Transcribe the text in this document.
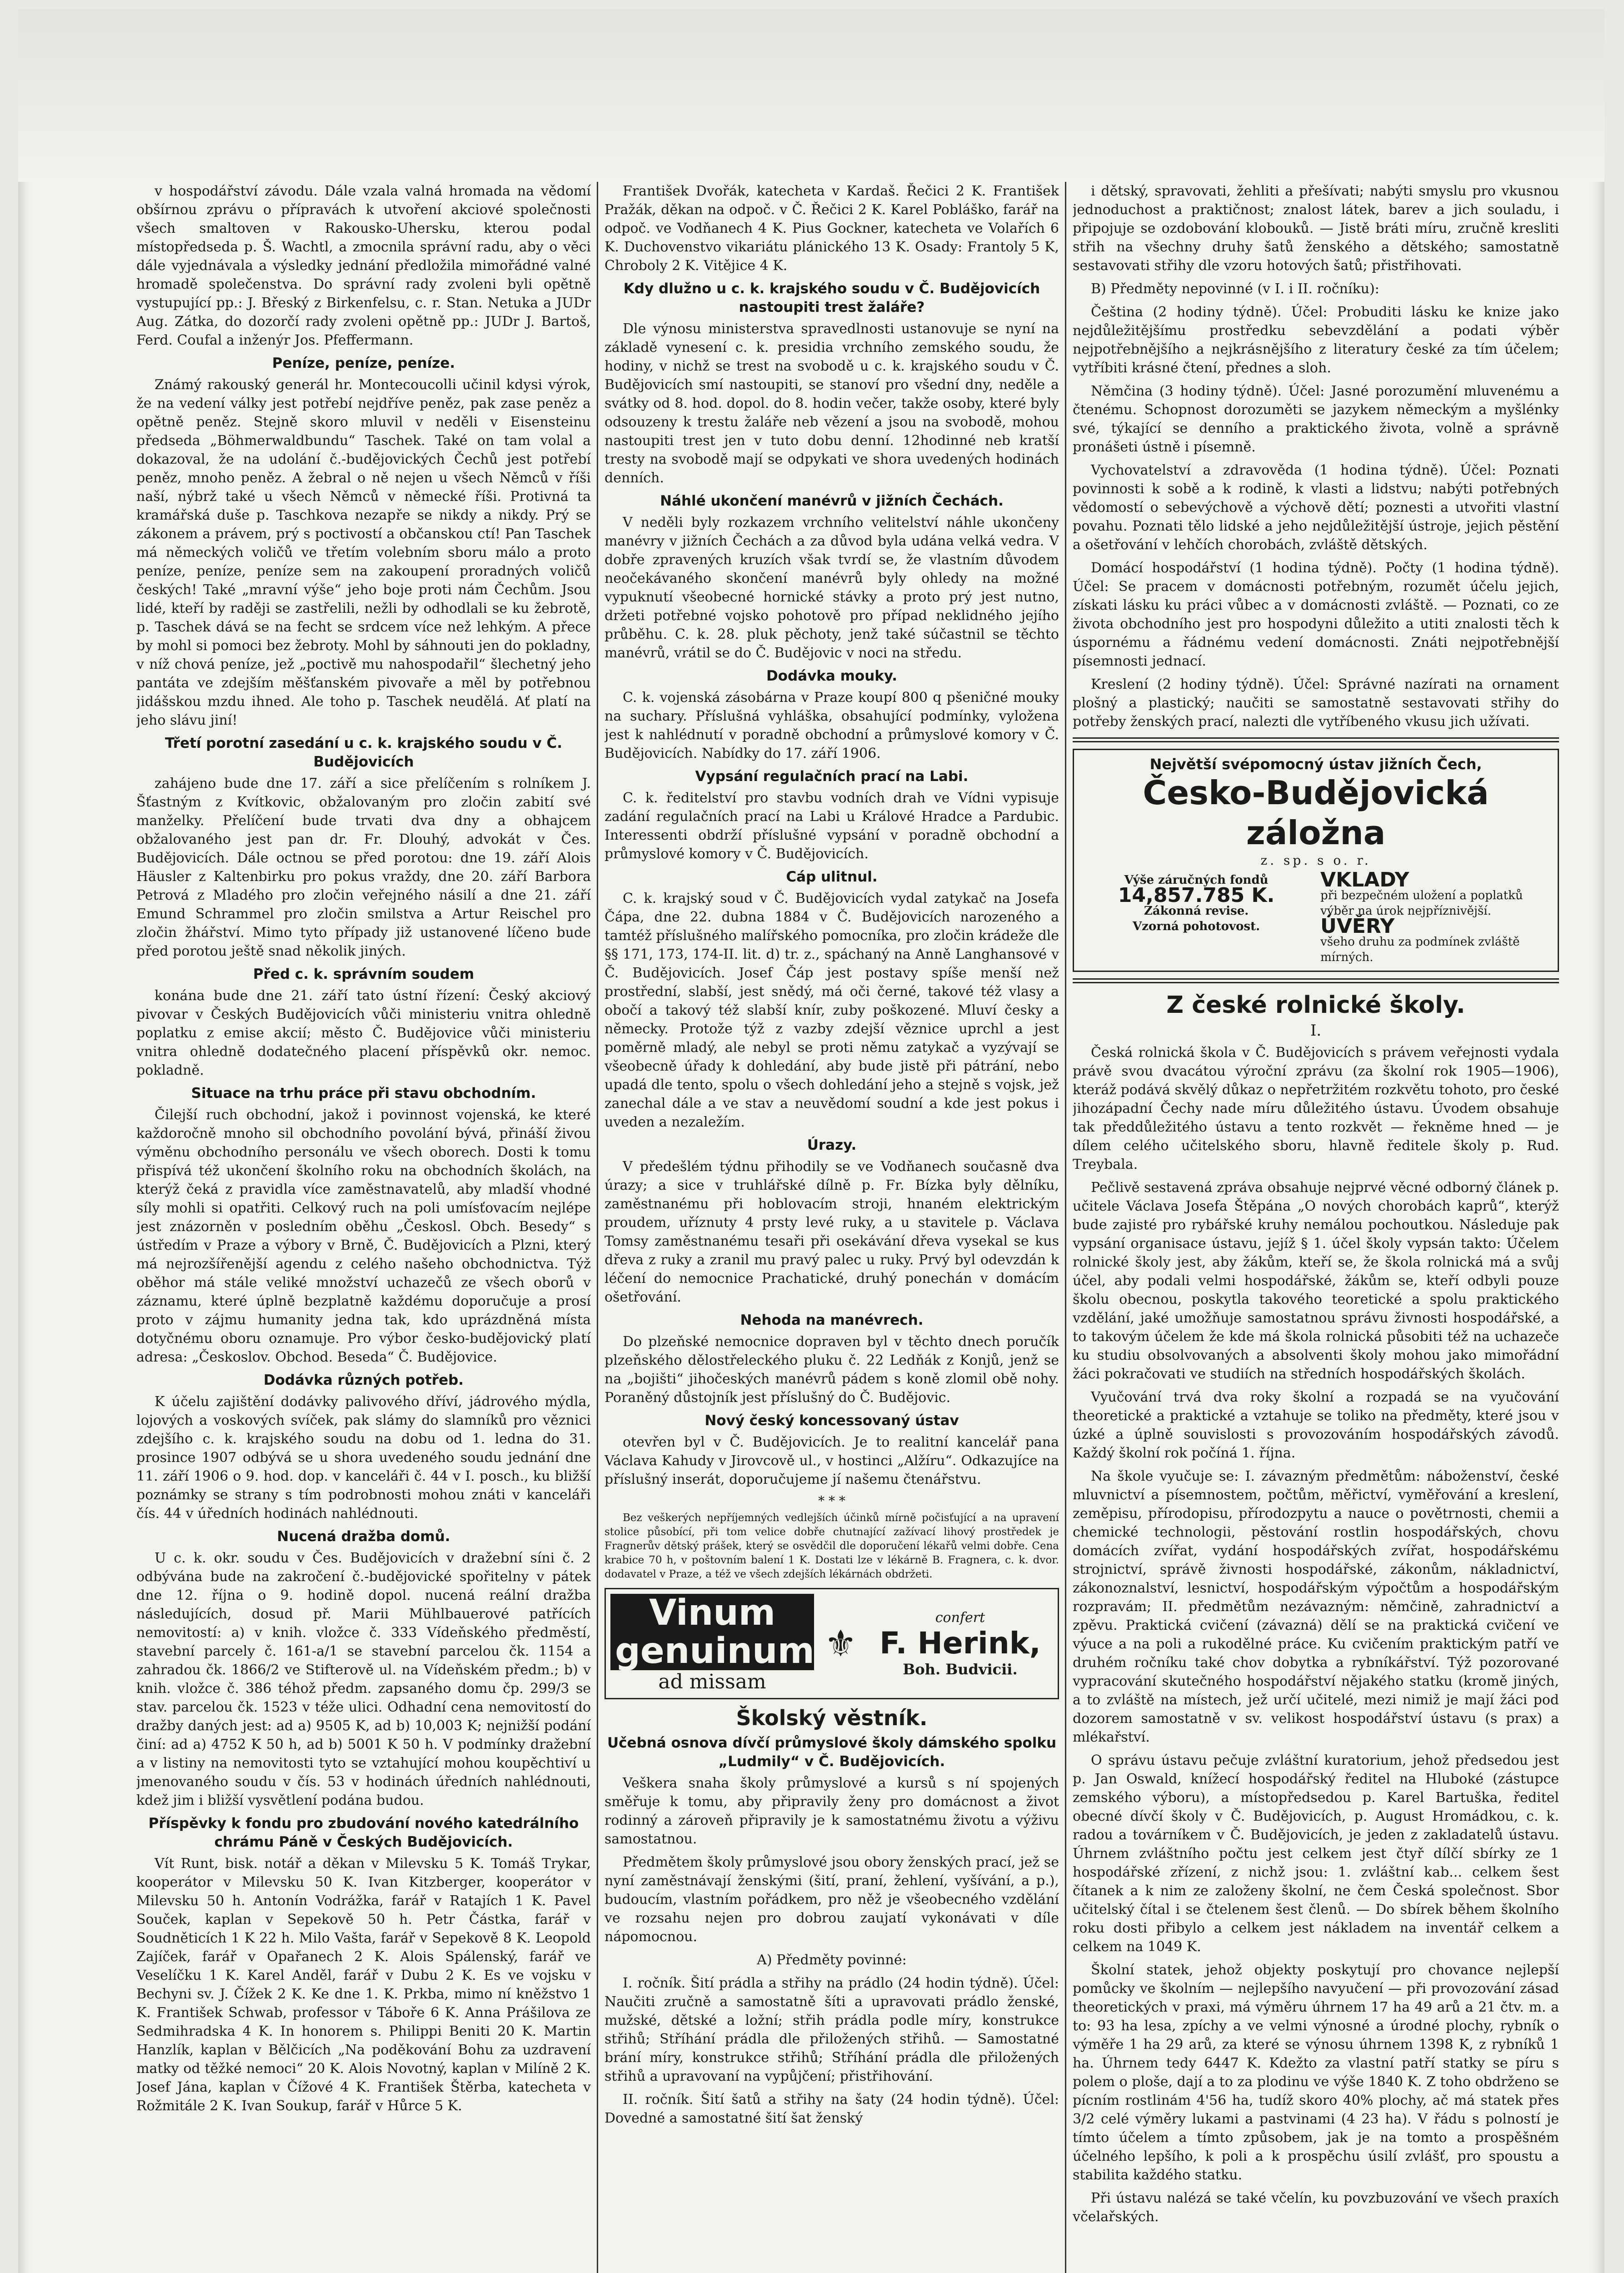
v hospodářství závodu. Dále vzala valná hromada na vědomí obšírnou zprávu o přípravách k utvoření akciové společnosti všech smaltoven v Rakousko-Uhersku, kterou podal místopředseda p. Š. Wachtl, a zmocnila správní radu, aby o věci dále vyjednávala a výsledky jednání předložila mimořádné valné hromadě společenstva. Do správní rady zvoleni byli opětně vystupující pp.: J. Břeský z Birkenfelsu, c. r. Stan. Netuka a JUDr Aug. Zátka, do dozorčí rady zvoleni opětně pp.: JUDr J. Bartoš, Ferd. Coufal a inženýr Jos. Pfeffermann.

Peníze, peníze, peníze.

Známý rakouský generál hr. Montecoucolli učinil kdysi výrok, že na vedení války jest potřebí nejdříve peněz, pak zase peněz a opětně peněz. Stejně skoro mluvil v neděli v Eisensteinu předseda „Böhmerwaldbundu“ Taschek. Také on tam volal a dokazoval, že na udolání č.-budějovických Čechů jest potřebí peněz, mnoho peněz. A žebral o ně nejen u všech Němců v říši naší, nýbrž také u všech Němců v německé říši. Protivná ta kramářská duše p. Taschkova nezapře se nikdy a nikdy. Prý se zákonem a právem, prý s poctivostí a občanskou ctí! Pan Taschek má německých voličů ve třetím volebním sboru málo a proto peníze, peníze, peníze sem na zakoupení proradných voličů českých! Také „mravní výše“ jeho boje proti nám Čechům. Jsou lidé, kteří by raději se zastřelili, nežli by odhodlali se ku žebrotě, p. Taschek dává se na fecht se srdcem více než lehkým. A přece by mohl si pomoci bez žebroty. Mohl by sáhnouti jen do pokladny, v níž chová peníze, jež „poctivě mu nahospodařil“ šlechetný jeho pantáta ve zdejším měšťanském pivovaře a měl by potřebnou jidášskou mzdu ihned. Ale toho p. Taschek neudělá. Ať platí na jeho slávu jiní!

Třetí porotní zasedání u c. k. krajského soudu v Č. Budějovicích

zahájeno bude dne 17. září a sice přelíčením s rolníkem J. Šťastným z Kvítkovic, obžalovaným pro zločin zabití své manželky. Přelíčení bude trvati dva dny a obhajcem obžalovaného jest pan dr. Fr. Dlouhý, advokát v Čes. Budějovicích. Dále octnou se před porotou: dne 19. září Alois Häusler z Kaltenbirku pro pokus vraždy, dne 20. září Barbora Petrová z Mladého pro zločin veřejného násilí a dne 21. září Emund Schrammel pro zločin smilstva a Artur Reischel pro zločin žhářství. Mimo tyto případy již ustanovené líčeno bude před porotou ještě snad několik jiných.

Před c. k. správním soudem

konána bude dne 21. září tato ústní řízení: Český akciový pivovar v Českých Budějovicích vůči ministeriu vnitra ohledně poplatku z emise akcií; město Č. Budějovice vůči ministeriu vnitra ohledně dodatečného placení příspěvků okr. nemoc. pokladně.

Situace na trhu práce při stavu obchodním.

Čilejší ruch obchodní, jakož i povinnost vojenská, ke které každoročně mnoho sil obchodního povolání bývá, přináší živou výměnu obchodního personálu ve všech oborech. Dosti k tomu přispívá též ukončení školního roku na obchodních školách, na kterýž čeká z pravidla více zaměstnavatelů, aby mladší vhodné síly mohli si opatřiti. Celkový ruch na poli umísťovacím nejlépe jest znázorněn v posledním oběhu „Českosl. Obch. Besedy“ s ústředím v Praze a výbory v Brně, Č. Budějovicích a Plzni, který má nejrozšířenější agendu z celého našeho obchodnictva. Týž oběhor má stále veliké množství uchazečů ze všech oborů v záznamu, které úplně bezplatně každému doporučuje a prosí proto v zájmu humanity jedna tak, kdo uprázdněná místa dotyčnému oboru oznamuje. Pro výbor česko-budějovický platí adresa: „Českoslov. Obchod. Beseda“ Č. Budějovice.

Dodávka různých potřeb.

K účelu zajištění dodávky palivového dříví, jádrového mýdla, lojových a voskových svíček, pak slámy do slamníků pro věznici zdejšího c. k. krajského soudu na dobu od 1. ledna do 31. prosince 1907 odbývá se u shora uvedeného soudu jednání dne 11. září 1906 o 9. hod. dop. v kanceláři č. 44 v I. posch., ku bližší poznámky se strany s tím podrobnosti mohou znáti v kanceláři čís. 44 v úředních hodinách nahlédnouti.

Nucená dražba domů.

U c. k. okr. soudu v Čes. Budějovicích v dražební síni č. 2 odbývána bude na zakročení č.-budějovické spořitelny v pátek dne 12. října o 9. hodině dopol. nucená reální dražba následujících, dosud př. Marii Mühlbauerové patřících nemovitostí: a) v knih. vložce č. 333 Vídeňského předměstí, stavební parcely č. 161-a/1 se stavební parcelou čk. 1154 a zahradou čk. 1866/2 ve Stifterově ul. na Vídeňském předm.; b) v knih. vložce č. 386 téhož předm. zapsaného domu čp. 299/3 se stav. parcelou čk. 1523 v téže ulici. Odhadní cena nemovitostí do dražby daných jest: ad a) 9505 K, ad b) 10,003 K; nejnižší podání činí: ad a) 4752 K 50 h, ad b) 5001 K 50 h. V podmínky dražební a v listiny na nemovitosti tyto se vztahující mohou koupěchtiví u jmenovaného soudu v čís. 53 v hodinách úředních nahlédnouti, kdež jim i bližší vysvětlení podána budou.

Příspěvky k fondu pro zbudování nového katedrálního chrámu Páně v Českých Budějovicích.

Vít Runt, bisk. notář a děkan v Milevsku 5 K. Tomáš Trykar, kooperátor v Milevsku 50 K. Ivan Kitzberger, kooperátor v Milevsku 50 h. Antonín Vodrážka, farář v Ratajích 1 K. Pavel Souček, kaplan v Sepekově 50 h. Petr Částka, farář v Soudněticích 1 K 22 h. Milo Vašta, farář v Sepekově 8 K. Leopold Zajíček, farář v Opařanech 2 K. Alois Spálenský, farář ve Veselíčku 1 K. Karel Anděl, farář v Dubu 2 K. Es ve vojsku v Bechyni sv. J. Čížek 2 K. Ke dne 1. K. Prkba, mimo ní kněžstvo 1 K. František Schwab, professor v Táboře 6 K. Anna Prášilova ze Sedmihradska 4 K. In honorem s. Philippi Beniti 20 K. Martin Hanzlík, kaplan v Bělčicích „Na poděkování Bohu za uzdravení matky od těžké nemoci“ 20 K. Alois Novotný, kaplan v Milíně 2 K. Josef Jána, kaplan v Čížové 4 K. František Štěrba, katecheta v Rožmitále 2 K. Ivan Soukup, farář v Hůrce 5 K.

František Dvořák, katecheta v Kardaš. Řečici 2 K. František Pražák, děkan na odpoč. v Č. Řečici 2 K. Karel Pobláško, farář na odpoč. ve Vodňanech 4 K. Pius Gockner, katecheta ve Volařích 6 K. Duchovenstvo vikariátu plánického 13 K. Osady: Frantoly 5 K, Chroboly 2 K. Vitějice 4 K.

Kdy dlužno u c. k. krajského soudu v Č. Budějovicích nastoupiti trest žaláře?

Dle výnosu ministerstva spravedlnosti ustanovuje se nyní na základě vynesení c. k. presidia vrchního zemského soudu, že hodiny, v nichž se trest na svobodě u c. k. krajského soudu v Č. Budějovicích smí nastoupiti, se stanoví pro všední dny, neděle a svátky od 8. hod. dopol. do 8. hodin večer, takže osoby, které byly odsouzeny k trestu žaláře neb vězení a jsou na svobodě, mohou nastoupiti trest jen v tuto dobu denní. 12hodinné neb kratší tresty na svobodě mají se odpykati ve shora uvedených hodinách denních.

Náhlé ukončení manévrů v jižních Čechách.

V neděli byly rozkazem vrchního velitelství náhle ukončeny manévry v jižních Čechách a za důvod byla udána velká vedra. V dobře zpravených kruzích však tvrdí se, že vlastním důvodem neočekávaného skončení manévrů byly ohledy na možné vypuknutí všeobecné hornické stávky a proto prý jest nutno, držeti potřebné vojsko pohotově pro případ neklidného jejího průběhu. C. k. 28. pluk pěchoty, jenž také súčastnil se těchto manévrů, vrátil se do Č. Budějovic v noci na středu.

Dodávka mouky.

C. k. vojenská zásobárna v Praze koupí 800 q pšeničné mouky na suchary. Příslušná vyhláška, obsahující podmínky, vyložena jest k nahlédnutí v poradně obchodní a průmyslové komory v Č. Budějovicích. Nabídky do 17. září 1906.

Vypsání regulačních prací na Labi.

C. k. ředitelství pro stavbu vodních drah ve Vídni vypisuje zadání regulačních prací na Labi u Králové Hradce a Pardubic. Interessenti obdrží příslušné vypsání v poradně obchodní a průmyslové komory v Č. Budějovicích.

Cáp ulitnul.

C. k. krajský soud v Č. Budějovicích vydal zatykač na Josefa Čápa, dne 22. dubna 1884 v Č. Budějovicích narozeného a tamtéž příslušného malířského pomocníka, pro zločin krádeže dle §§ 171, 173, 174-II. lit. d) tr. z., spáchaný na Anně Langhansové v Č. Budějovicích. Josef Čáp jest postavy spíše menší než prostřední, slabší, jest snědý, má oči černé, takové též vlasy a obočí a takový též slabší knír, zuby poškozené. Mluví česky a německy. Protože týž z vazby zdejší věznice uprchl a jest poměrně mladý, ale nebyl se proti němu zatykač a vyzývají se všeobecně úřady k dohledání, aby bude jistě při pátrání, nebo upadá dle tento, spolu o všech dohledání jeho a stejně s vojsk, jež zanechal dále a ve stav a neuvědomí soudní a kde jest pokus i uveden a nezaležím.

Úrazy.

V předešlém týdnu přihodily se ve Vodňanech současně dva úrazy; a sice v truhlářské dílně p. Fr. Bízka byly dělníku, zaměstnanému při hoblovacím stroji, hnaném elektrickým proudem, uříznuty 4 prsty levé ruky, a u stavitele p. Václava Tomsy zaměstnanému tesaři při osekávání dřeva vysekal se kus dřeva z ruky a zranil mu pravý palec u ruky. Prvý byl odevzdán k léčení do nemocnice Prachatické, druhý ponechán v domácím ošetřování.

Nehoda na manévrech.

Do plzeňské nemocnice dopraven byl v těchto dnech poručík plzeňského dělostřeleckého pluku č. 22 Ledňák z Konjů, jenž se na „bojišti“ jihočeských manévrů pádem s koně zlomil obě nohy. Poraněný důstojník jest příslušný do Č. Budějovic.

Nový český koncessovaný ústav

otevřen byl v Č. Budějovicích. Je to realitní kancelář pana Václava Kahudy v Jirovcově ul., v hostinci „Alžíru“. Odkazujíce na příslušný inserát, doporučujeme jí našemu čtenářstvu.

* * *

Bez veškerých nepříjemných vedlejších účinků mírně počisťující a na upravení stolice působící, při tom velice dobře chutnající zažívací lihový prostředek je Fragnerův dětský prášek, který se osvědčil dle doporučení lékařů velmi dobře. Cena krabice 70 h, v poštovním balení 1 K. Dostati lze v lékárně B. Fragnera, c. k. dvor. dodavatel v Praze, a též ve všech zdejších lékárnách obdržeti.

Vinum genuinum
ad missam
⚜
confert
F. Herink,
Boh. Budvicii.
Školský věstník.
Učebná osnova dívčí průmyslové školy dámského spolku „Ludmily“ v Č. Budějovicích.

Veškera snaha školy průmyslové a kursů s ní spojených směřuje k tomu, aby připravily ženy pro domácnost a život rodinný a zároveň připravily je k samostatnému životu a výživu samostatnou.

Předmětem školy průmyslové jsou obory ženských prací, jež se nyní zaměstnávají ženskými (šití, praní, žehlení, vyšívání, a p.), budoucím, vlastním pořádkem, pro něž je všeobecného vzdělání ve rozsahu nejen pro dobrou zaujatí vykonávati v díle nápomocnou.

A) Předměty povinné:

I. ročník. Šití prádla a střihy na prádlo (24 hodin týdně). Účel: Naučiti zručně a samostatně šíti a upravovati prádlo ženské, mužské, dětské a ložní; střih prádla podle míry, konstrukce střihů; Stříhání prádla dle přiložených střihů. — Samostatné brání míry, konstrukce střihů; Stříhání prádla dle přiložených střihů a upravovaní na vypůjčení; přistřihování.

II. ročník. Šití šatů a střihy na šaty (24 hodin týdně). Účel: Dovedné a samostatné šití šat ženský

i dětský, spravovati, žehliti a přešívati; nabýti smyslu pro vkusnou jednoduchost a praktičnost; znalost látek, barev a jich souladu, i připojuje se ozdobování klobouků. — Jistě bráti míru, zručně kresliti střih na všechny druhy šatů ženského a dětského; samostatně sestavovati střihy dle vzoru hotových šatů; přistřihovati.

B) Předměty nepovinné (v I. i II. ročníku):

Čeština (2 hodiny týdně). Účel: Probuditi lásku ke knize jako nejdůležitějšímu prostředku sebevzdělání a podati výběr nejpotřebnějšího a nejkrásnějšího z literatury české za tím účelem; vytříbiti krásné čtení, přednes a sloh.

Němčina (3 hodiny týdně). Účel: Jasné porozumění mluvenému a čtenému. Schopnost dorozuměti se jazykem německým a myšlénky své, týkající se denního a praktického života, volně a správně pronášeti ústně i písemně.

Vychovatelství a zdravověda (1 hodina týdně). Účel: Poznati povinnosti k sobě a k rodině, k vlasti a lidstvu; nabýti potřebných vědomostí o sebevýchově a výchově dětí; poznesti a utvořiti vlastní povahu. Poznati tělo lidské a jeho nejdůležitější ústroje, jejich pěstění a ošetřování v lehčích chorobách, zvláště dětských.

Domácí hospodářství (1 hodina týdně). Počty (1 hodina týdně). Účel: Se pracem v domácnosti potřebným, rozumět účelu jejich, získati lásku ku práci vůbec a v domácnosti zvláště. — Poznati, co ze života obchodního jest pro hospodyni důležito a utiti znalosti těch k úspornému a řádnému vedení domácnosti. Znáti nejpotřebnější písemnosti jednací.

Kreslení (2 hodiny týdně). Účel: Správné nazírati na ornament plošný a plastický; naučiti se samostatně sestavovati střihy do potřeby ženských prací, nalezti dle vytříbeného vkusu jich užívati.

Největší svépomocný ústav jižních Čech,
Česko-Budějovická záložna
z. sp. s o. r.
Výše záručných fondů
14,857.785 K.
Zákonná revise.
Vzorná pohotovost.
VKLADY
při bezpečném uložení a poplatků výběr na úrok nejpříznivější.
ÚVĚRY
všeho druhu za podmínek zvláště mírných.
Z české rolnické školy.
I.

Česká rolnická škola v Č. Budějovicích s právem veřejnosti vydala právě svou dvacátou výroční zprávu (za školní rok 1905—1906), kteráž podává skvělý důkaz o nepřetržitém rozkvětu tohoto, pro české jihozápadní Čechy nade míru důležitého ústavu. Úvodem obsahuje tak předdůležitého ústavu a tento rozkvět — řekněme hned — je dílem celého učitelského sboru, hlavně ředitele školy p. Rud. Treybala.

Pečlivě sestavená zpráva obsahuje nejprvé věcné odborný článek p. učitele Václava Josefa Štěpána „O nových chorobách kaprů“, kterýž bude zajisté pro rybářské kruhy nemálou pochoutkou. Následuje pak vypsání organisace ústavu, jejíž § 1. účel školy vypsán takto: Účelem rolnické školy jest, aby žákům, kteří se, že škola rolnická má a svůj účel, aby podali velmi hospodářské, žákům se, kteří odbyli pouze školu obecnou, poskytla takového teoretické a spolu praktického vzdělání, jaké umožňuje samostatnou správu živnosti hospodářské, a to takovým účelem že kde má škola rolnická působiti též na uchazeče ku studiu obsolvovaných a absolventi školy mohou jako mimořádní žáci pokračovati ve studiích na středních hospodářských školách.

Vyučování trvá dva roky školní a rozpadá se na vyučování theoretické a praktické a vztahuje se toliko na předměty, které jsou v úzké a úplně souvislosti s provozováním hospodářských závodů. Každý školní rok počíná 1. října.

Na škole vyučuje se: I. závazným předmětům: náboženství, české mluvnictví a písemnostem, počtům, měřictví, vyměřování a kreslení, zeměpisu, přírodopisu, přírodozpytu a nauce o povětrnosti, chemii a chemické technologii, pěstování rostlin hospodářských, chovu domácích zvířat, vydání hospodářských zvířat, hospodářskému strojnictví, správě živnosti hospodářské, zákonům, nákladnictví, zákonoznalství, lesnictví, hospodářským výpočtům a hospodářským rozpravám; II. předmětům nezávazným: němčině, zahradnictví a zpěvu. Praktická cvičení (závazná) dělí se na praktická cvičení ve výuce a na poli a rukodělné práce. Ku cvičením praktickým patří ve druhém ročníku také chov dobytka a rybníkářství. Týž pozorované vypracování skutečného hospodářství nějakého statku (kromě jiných, a to zvláště na místech, jež určí učitelé, mezi nimiž je mají žáci pod dozorem samostatně v sv. velikost hospodářství ústavu (s prax) a mlékařství.

O správu ústavu pečuje zvláštní kuratorium, jehož předsedou jest p. Jan Oswald, knížecí hospodářský ředitel na Hluboké (zástupce zemského výboru), a místopředsedou p. Karel Bartuška, ředitel obecné dívčí školy v Č. Budějovicích, p. August Hromádkou, c. k. radou a továrníkem v Č. Budějovicích, je jeden z zakladatelů ústavu. Úhrnem zvláštního počtu jest celkem jest čtyř dílčí sbírky ze 1 hospodářské zřízení, z nichž jsou: 1. zvláštní kab... celkem šest čítanek a k nim ze založeny školní, ne čem Česká společnost. Sbor učitelský čítal i se čtelenem šest členů. — Do sbírek během školního roku dosti přibylo a celkem jest nákladem na inventář celkem a celkem na 1049 K.

Školní statek, jehož objekty poskytují pro chovance nejlepší pomůcky ve školním — nejlepšího navyučení — při provozování zásad theoretických v praxi, má výměru úhrnem 17 ha 49 arů a 21 čtv. m. a to: 93 ha lesa, zpíchy a ve velmi výnosné a úrodné plochy, rybník o výměře 1 ha 29 arů, za které se výnosu úhrnem 1398 K, z rybníků 1 ha. Úhrnem tedy 6447 K. Kdežto za vlastní patří statky se píru s polem o ploše, dají a to za plodinu ve výše 1840 K. Z toho obdrženo se pícním rostlinám 4'56 ha, tudíž skoro 40% plochy, ač má statek přes 3/2 celé výměry lukami a pastvinami (4 23 ha). V řádu s polností je tímto účelem a tímto způsobem, jak je na tomto a prospěšném účelného lepšího, k poli a k prospěchu úsilí zvlášť, pro spoustu a stabilita každého statku.

Při ústavu nalézá se také včelín, ku povzbuzování ve všech praxích včelařských.
